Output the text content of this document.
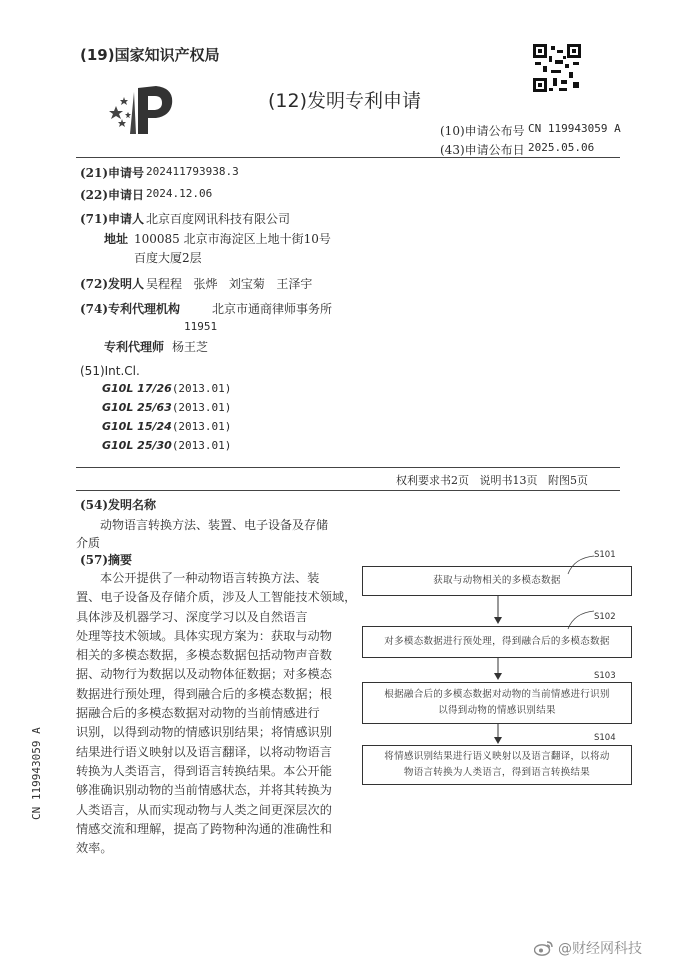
(19)国家知识产权局
(12)发明专利申请
(10)申请公布号 CN 119943059 A
(43)申请公布日 2025.05.06
(21)申请号 202411793938.3
(22)申请日 2024.12.06
(71)申请人 北京百度网讯科技有限公司
地址 100085 北京市海淀区上地十街10号
百度大厦2层
(72)发明人 吴程程   张烨   刘宝菊   王泽宇
(74)专利代理机构	北京市通商律师事务所
11951
专利代理师 杨王芝
(51)Int.Cl.
G10L 17/26(2013.01)
G10L 25/63(2013.01)
G10L 15/24(2013.01)
G10L 25/30(2013.01)
权利要求书2页   说明书13页   附图5页
(54)发明名称
动物语言转换方法、装置、电子设备及存储
介质
(57)摘要
本公开提供了一种动物语言转换方法、装
置、电子设备及存储介质，涉及人工智能技术领域，
具体涉及机器学习、深度学习以及自然语言
处理等技术领域。具体实现方案为：获取与动物
相关的多模态数据，多模态数据包括动物声音数
据、动物行为数据以及动物体征数据；对多模态
数据进行预处理，得到融合后的多模态数据；根
据融合后的多模态数据对动物的当前情感进行
识别，以得到动物的情感识别结果；将情感识别
结果进行语义映射以及语言翻译，以将动物语言
转换为人类语言，得到语言转换结果。本公开能
够准确识别动物的当前情感状态，并将其转换为
人类语言，从而实现动物与人类之间更深层次的
情感交流和理解，提高了跨物种沟通的准确性和
效率。
S101
获取与动物相关的多模态数据
S102
对多模态数据进行预处理，得到融合后的多模态数据
S103
根据融合后的多模态数据对动物的当前情感进行识别
以得到动物的情感识别结果
S104
将情感识别结果进行语义映射以及语言翻译，以将动
物语言转换为人类语言，得到语言转换结果
CN 119943059 A
@财经网科技
